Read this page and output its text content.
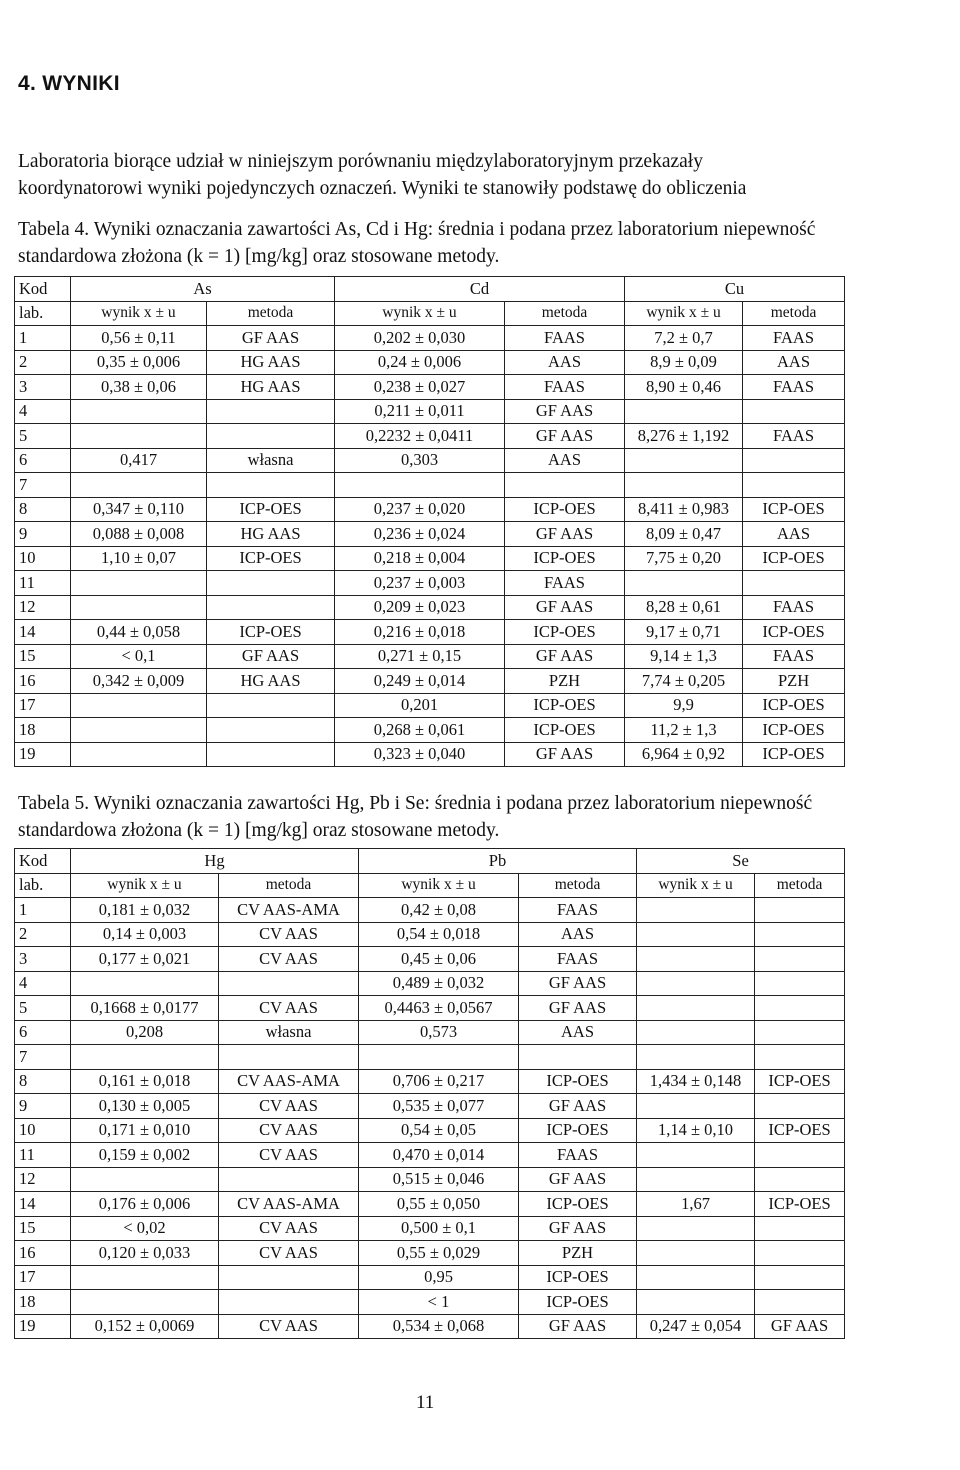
4. WYNIKI
Laboratoria biorące udział w niniejszym porównaniu międzylaboratoryjnym przekazały
koordynatorowi wyniki pojedynczych oznaczeń. Wyniki te stanowiły podstawę do obliczenia
Tabela 4. Wyniki oznaczania zawartości As, Cd i Hg: średnia i podana przez laboratorium niepewność
standardowa złożona (k = 1) [mg/kg] oraz stosowane metody.
Kod	As		Cd		Cu	
lab.	wynik x ± u	metoda	wynik x ± u	metoda	wynik x ± u	metoda
1	0,56 ± 0,11	GF AAS	0,202 ± 0,030	FAAS	7,2 ± 0,7	FAAS
2	0,35 ± 0,006	HG AAS	0,24 ± 0,006	AAS	8,9 ± 0,09	AAS
3	0,38 ± 0,06	HG AAS	0,238 ± 0,027	FAAS	8,90 ± 0,46	FAAS
4			0,211 ± 0,011	GF AAS		
5			0,2232 ± 0,0411	GF AAS	8,276 ± 1,192	FAAS
6	0,417	własna	0,303	AAS		
7						
8	0,347 ± 0,110	ICP-OES	0,237 ± 0,020	ICP-OES	8,411 ± 0,983	ICP-OES
9	0,088 ± 0,008	HG AAS	0,236 ± 0,024	GF AAS	8,09 ± 0,47	AAS
10	1,10 ± 0,07	ICP-OES	0,218 ± 0,004	ICP-OES	7,75 ± 0,20	ICP-OES
11			0,237 ± 0,003	FAAS		
12			0,209 ± 0,023	GF AAS	8,28 ± 0,61	FAAS
14	0,44 ± 0,058	ICP-OES	0,216 ± 0,018	ICP-OES	9,17 ± 0,71	ICP-OES
15	< 0,1	GF AAS	0,271 ± 0,15	GF AAS	9,14 ± 1,3	FAAS
16	0,342 ± 0,009	HG AAS	0,249 ± 0,014	PZH	7,74 ± 0,205	PZH
17			0,201	ICP-OES	9,9	ICP-OES
18			0,268 ± 0,061	ICP-OES	11,2 ± 1,3	ICP-OES
19			0,323 ± 0,040	GF AAS	6,964 ± 0,92	ICP-OES
Tabela 5. Wyniki oznaczania zawartości Hg, Pb i Se: średnia i podana przez laboratorium niepewność
standardowa złożona (k = 1) [mg/kg] oraz stosowane metody.
Kod	Hg		Pb		Se	
lab.	wynik x ± u	metoda	wynik x ± u	metoda	wynik x ± u	metoda
1	0,181 ± 0,032	CV AAS-AMA	0,42 ± 0,08	FAAS		
2	0,14 ± 0,003	CV AAS	0,54 ± 0,018	AAS		
3	0,177 ± 0,021	CV AAS	0,45 ± 0,06	FAAS		
4			0,489 ± 0,032	GF AAS		
5	0,1668 ± 0,0177	CV AAS	0,4463 ± 0,0567	GF AAS		
6	0,208	własna	0,573	AAS		
7						
8	0,161 ± 0,018	CV AAS-AMA	0,706 ± 0,217	ICP-OES	1,434 ± 0,148	ICP-OES
9	0,130 ± 0,005	CV AAS	0,535 ± 0,077	GF AAS		
10	0,171 ± 0,010	CV AAS	0,54 ± 0,05	ICP-OES	1,14 ± 0,10	ICP-OES
11	0,159 ± 0,002	CV AAS	0,470 ± 0,014	FAAS		
12			0,515 ± 0,046	GF AAS		
14	0,176 ± 0,006	CV AAS-AMA	0,55 ± 0,050	ICP-OES	1,67	ICP-OES
15	< 0,02	CV AAS	0,500 ± 0,1	GF AAS		
16	0,120 ± 0,033	CV AAS	0,55 ± 0,029	PZH		
17			0,95	ICP-OES		
18			< 1	ICP-OES		
19	0,152 ± 0,0069	CV AAS	0,534 ± 0,068	GF AAS	0,247 ± 0,054	GF AAS
11
